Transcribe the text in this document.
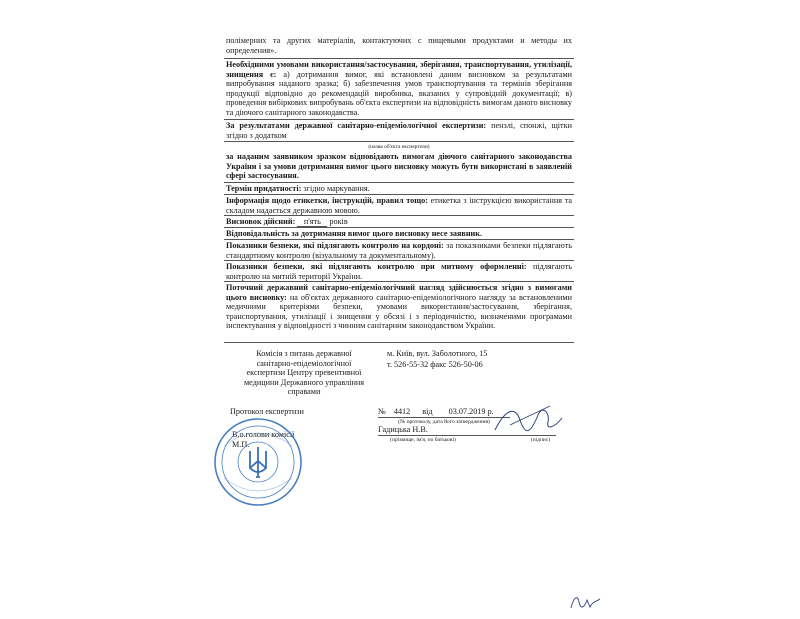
полімерних та других матеріалів, контактуючих с пищевыми продуктами и методы их определения».
Необхідними умовами використання/застосування, зберігання, транспортування, утилізації, знищення є: а) дотримання вимог, які встановлені даним висновком за результатами випробування наданого зразка; б) забезпечення умов транспортування та термінів зберігання продукції відповідно до рекомендацій виробника, вказаних у супровідній документації; в) проведення вибіркових випробувань об'єкта експертизи на відповідність вимогам даного висновку та діючого санітарного законодавства.
За результатами державної санітарно-епідеміологічної експертизи: пензлі, спонжі, щітки згідно з додатком
(назва об'єкта експертизи)
за наданим заявником зразком відповідають вимогам діючого санітарного законодавства України і за умови дотримання вимог цього висновку можуть бути використані в заявленій сфері застосування.
Термін придатності: згідно маркування.
Інформація щодо етикетки, інструкцій, правил тощо: етикетка з інструкцією використання та складом надається державною мовою.
Висновок дійсний: п'ять років
Відповідальність за дотримання вимог цього висновку несе заявник.
Показники безпеки, які підлягають контролю на кордоні: за показниками безпеки підлягають стандартному контролю (візуальному та документальному).
Показники безпеки, які підлягають контролю при митному оформленні: підлягають контролю на митній території України.
Поточний державний санітарно-епідеміологічний нагляд здійснюється згідно з вимогами цього висновку: на об'єктах державного санітарно-епідеміологічного нагляду за встановленими медичними критеріями безпеки, умовами використання/застосування, зберігання, транспортування, утилізації і знищення у обсязі і з періодичністю, визначеними програмами інспектування у відповідності з чинним санітарним законодавством України.
Комісія з питань державної
санітарно-епідеміологічної
експертизи Центру превентивної
медицини Державного управління
справами
м. Київ, вул. Заболотного, 15
т. 526-55-32 факс 526-50-06
Протокол експертизи	№ 4412 від 03.07.2019 р.
(№ протоколу, дата його затвердження)
В.о.голови комісії
М.П.
Гадицька Н.В.
(прізвище, ім'я, по батькові)	(підпис)
